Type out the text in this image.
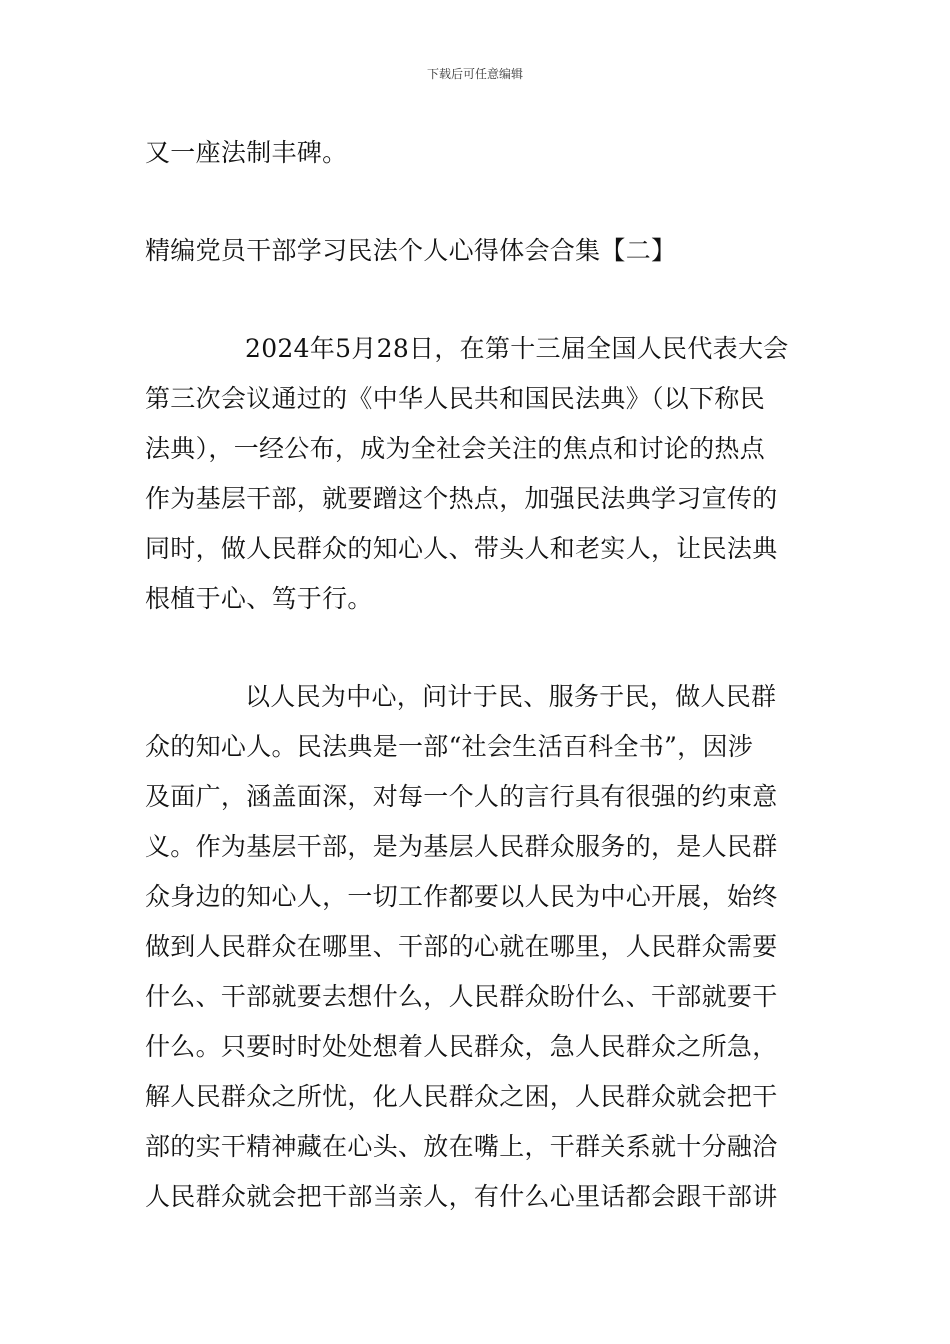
下载后可任意编辑
又一座法制丰碑。
精编党员干部学习民法个人心得体会合集【二】
2024年5月28日，在第十三届全国人民代表大会
第三次会议通过的《中华人民共和国民法典》（以下称民
法典），一经公布，成为全社会关注的焦点和讨论的热点
作为基层干部，就要蹭这个热点，加强民法典学习宣传的
同时，做人民群众的知心人、带头人和老实人，让民法典
根植于心、笃于行。
以人民为中心，问计于民、服务于民，做人民群
众的知心人。民法典是一部“社会生活百科全书”，因涉
及面广，涵盖面深，对每一个人的言行具有很强的约束意
义。作为基层干部，是为基层人民群众服务的，是人民群
众身边的知心人，一切工作都要以人民为中心开展，始终
做到人民群众在哪里、干部的心就在哪里，人民群众需要
什么、干部就要去想什么，人民群众盼什么、干部就要干
什么。只要时时处处想着人民群众，急人民群众之所急，
解人民群众之所忧，化人民群众之困，人民群众就会把干
部的实干精神藏在心头、放在嘴上，干群关系就十分融洽
人民群众就会把干部当亲人，有什么心里话都会跟干部讲
